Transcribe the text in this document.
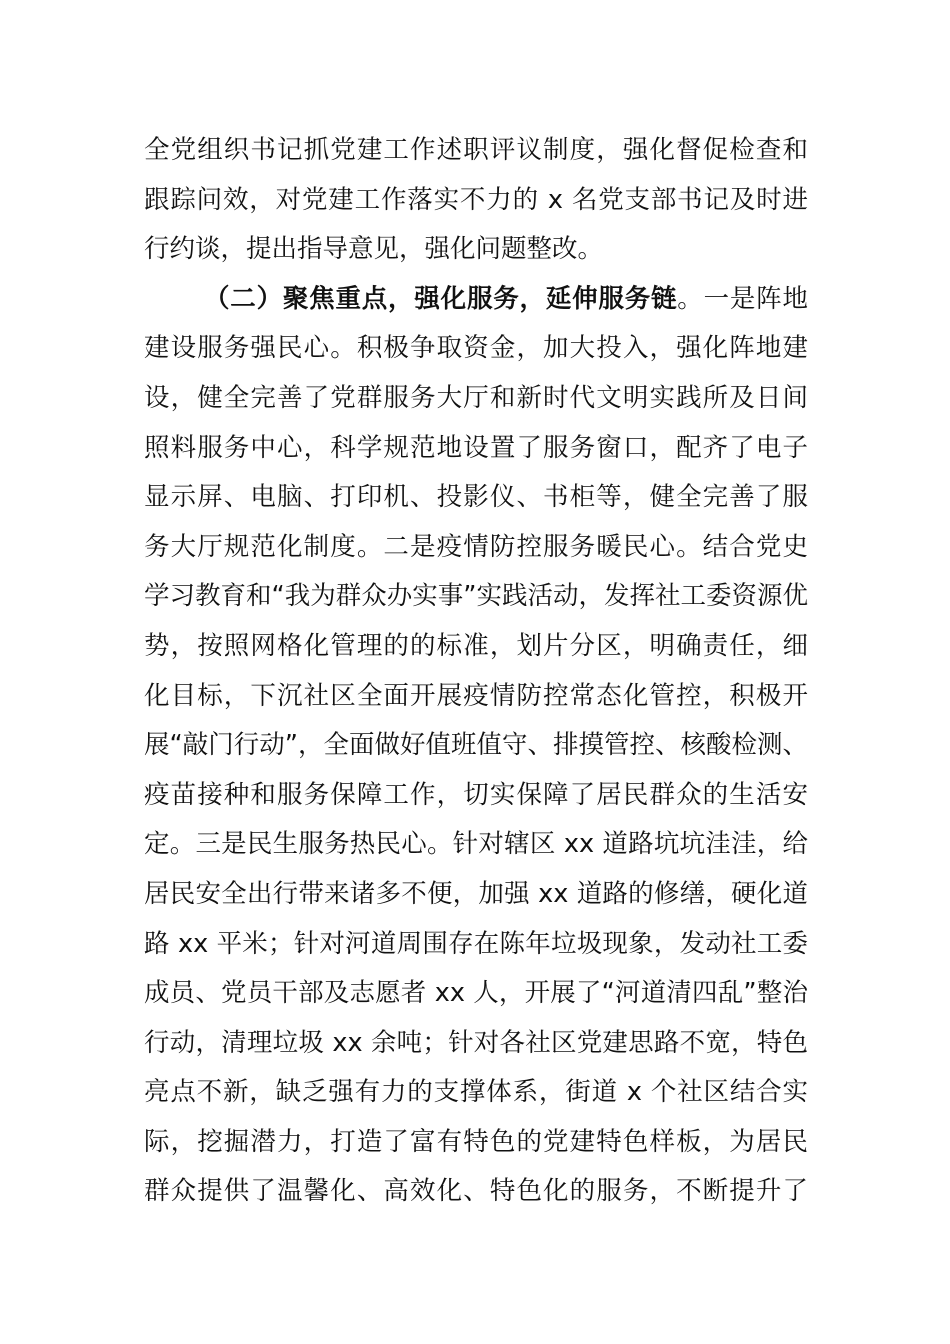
全党组织书记抓党建工作述职评议制度，强化督促检查和
跟踪问效，对党建工作落实不力的 x 名党支部书记及时进
行约谈，提出指导意见，强化问题整改。
（二）聚焦重点，强化服务，延伸服务链。一是阵地
建设服务强民心。积极争取资金，加大投入，强化阵地建
设，健全完善了党群服务大厅和新时代文明实践所及日间
照料服务中心，科学规范地设置了服务窗口，配齐了电子
显示屏、电脑、打印机、投影仪、书柜等，健全完善了服
务大厅规范化制度。二是疫情防控服务暖民心。结合党史
学习教育和“我为群众办实事”实践活动，发挥社工委资源优
势，按照网格化管理的的标准，划片分区，明确责任，细
化目标，下沉社区全面开展疫情防控常态化管控，积极开
展“敲门行动”，全面做好值班值守、排摸管控、核酸检测、
疫苗接种和服务保障工作，切实保障了居民群众的生活安
定。三是民生服务热民心。针对辖区 xx 道路坑坑洼洼，给
居民安全出行带来诸多不便，加强 xx 道路的修缮，硬化道
路 xx 平米；针对河道周围存在陈年垃圾现象，发动社工委
成员、党员干部及志愿者 xx 人，开展了“河道清四乱”整治
行动，清理垃圾 xx 余吨；针对各社区党建思路不宽，特色
亮点不新，缺乏强有力的支撑体系，街道 x 个社区结合实
际，挖掘潜力，打造了富有特色的党建特色样板，为居民
群众提供了温馨化、高效化、特色化的服务，不断提升了
